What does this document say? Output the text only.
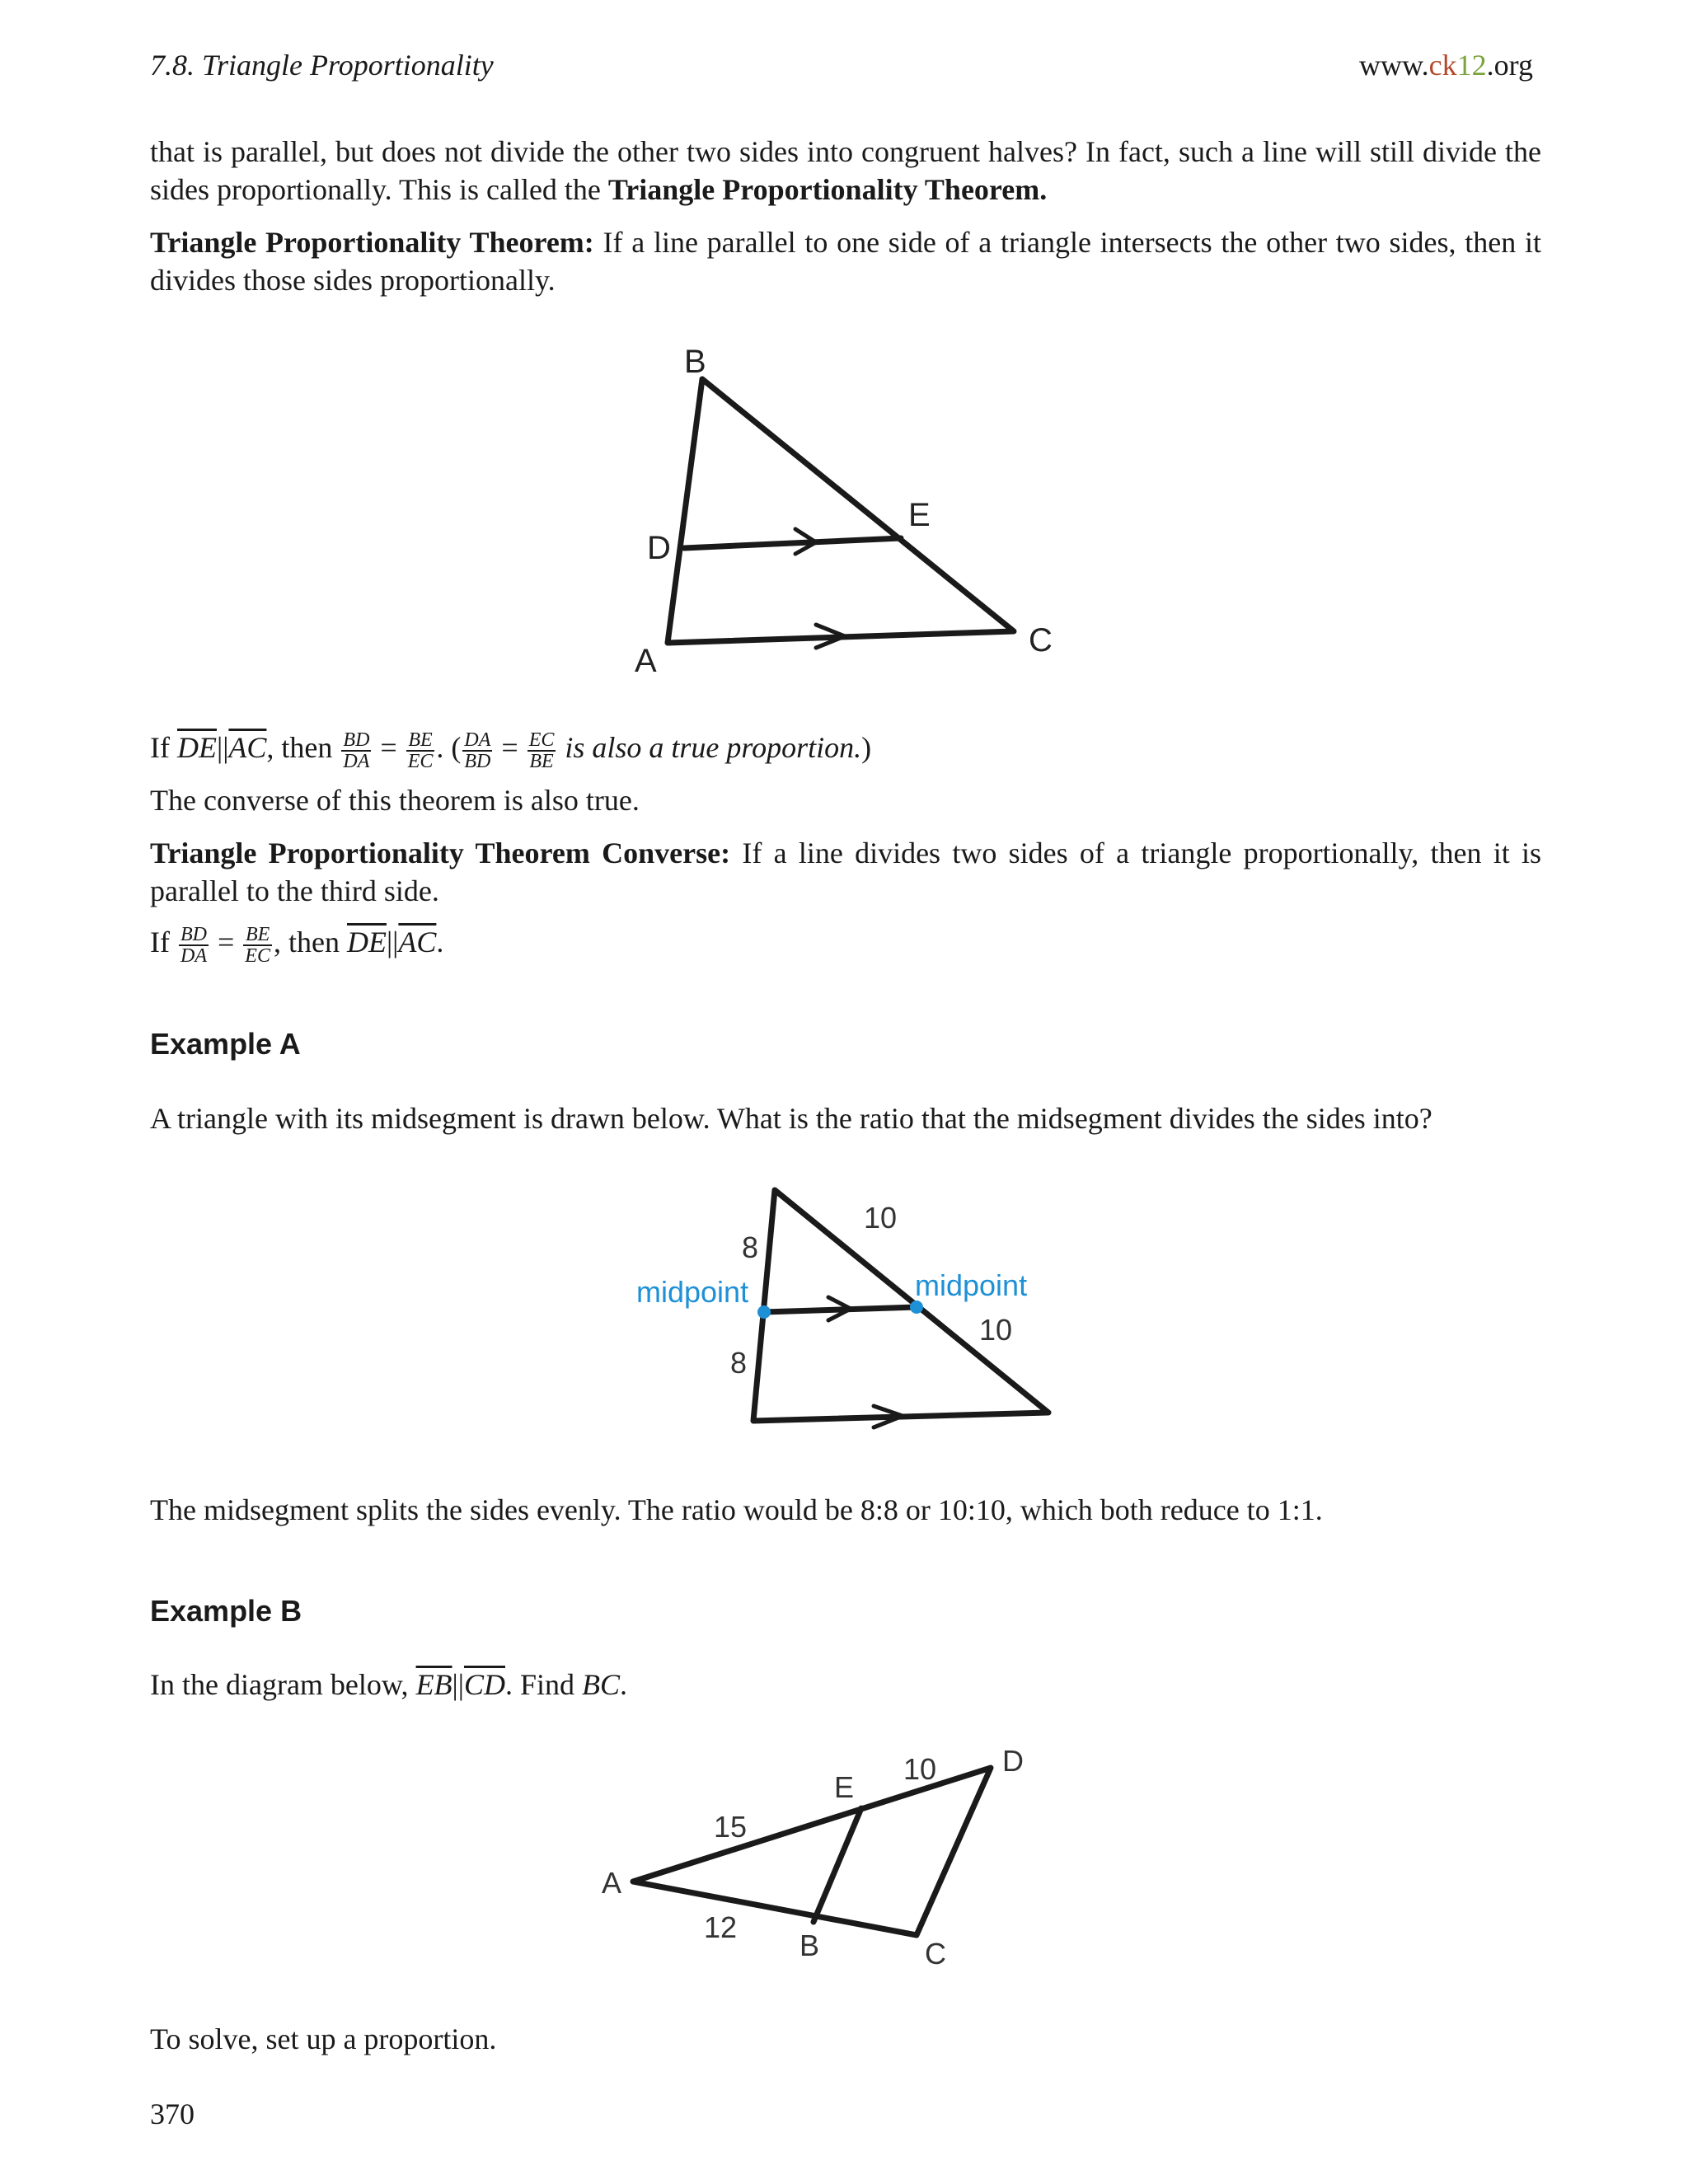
7.8. Triangle Proportionality	www.ck12.org
that is parallel, but does not divide the other two sides into congruent halves? In fact, such a line will still divide the sides proportionally. This is called the Triangle Proportionality Theorem.
Triangle Proportionality Theorem: If a line parallel to one side of a triangle intersects the other two sides, then it divides those sides proportionally.
B
D
E
A
C
If $\overline{DE}||\overline{AC}$, then $\frac{BD}{DA} = \frac{BE}{EC}$ . ( $\frac{DA}{BD} = \frac{EC}{BE}$ is also a true proportion.)
The converse of this theorem is also true.
Triangle Proportionality Theorem Converse: If a line divides two sides of a triangle proportionally, then it is parallel to the third side.
If $\frac{BD}{DA} = \frac{BE}{EC}$ , then $\overline{DE}||\overline{AC}$.
Example A
A triangle with its midsegment is drawn below. What is the ratio that the midsegment divides the sides into?
8
8
10
10
midpoint	midpoint
The midsegment splits the sides evenly. The ratio would be 8:8 or 10:10, which both reduce to 1:1.
Example B
In the diagram below, $\overline{EB}||\overline{CD}$. Find BC.
A
E
D
B	C
15
12
10
To solve, set up a proportion.
370
